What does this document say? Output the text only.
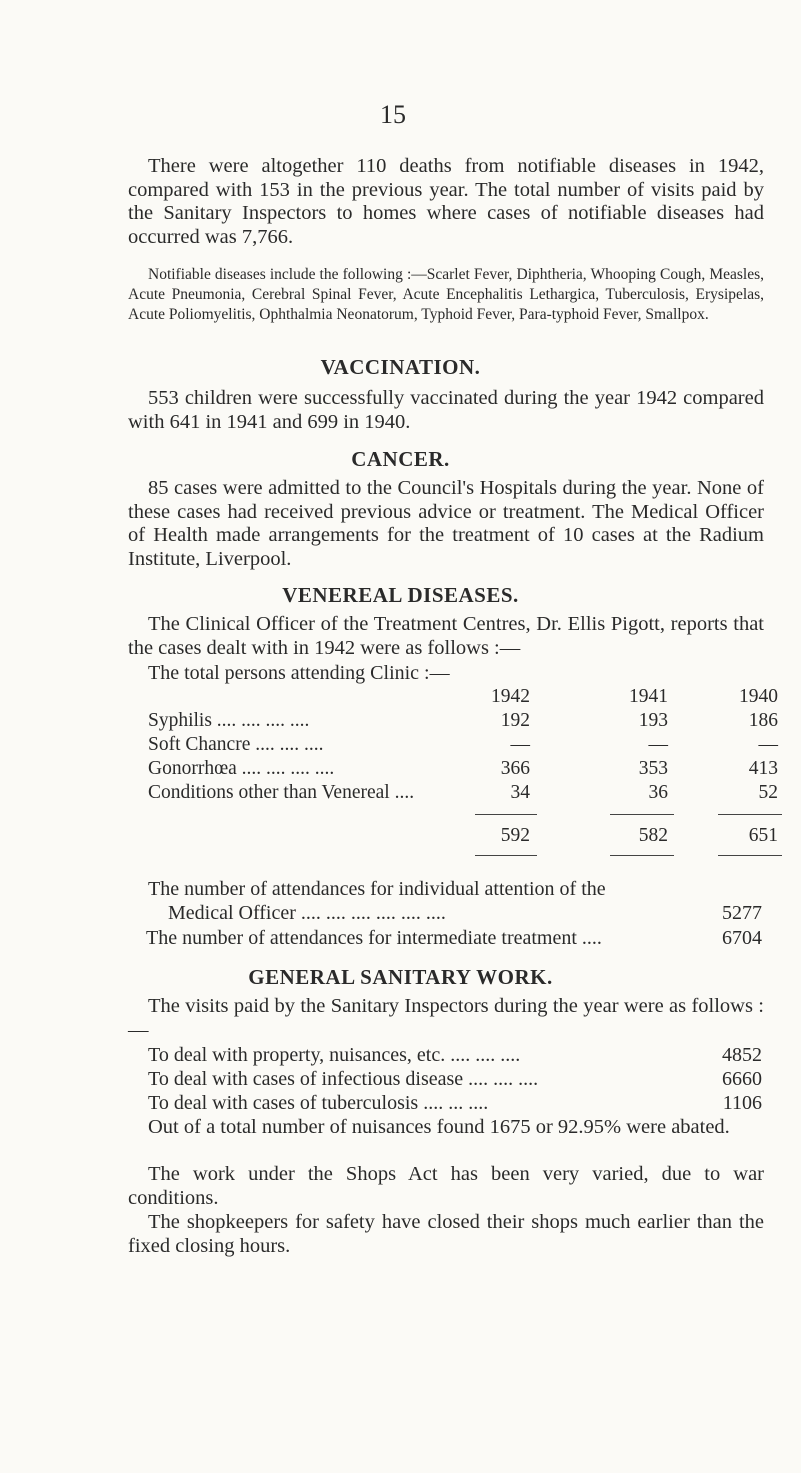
15

There were altogether 110 deaths from notifiable diseases in 1942, compared with 153 in the previous year. The total number of visits paid by the Sanitary Inspectors to homes where cases of notifiable diseases had occurred was 7,766.

Notifiable diseases include the following :—Scarlet Fever, Diphtheria, Whooping Cough, Measles, Acute Pneumonia, Cerebral Spinal Fever, Acute Encephalitis Lethargica, Tuberculosis, Erysipelas, Acute Poliomyelitis, Ophthalmia Neonatorum, Typhoid Fever, Para-typhoid Fever, Smallpox.

VACCINATION.

553 children were successfully vaccinated during the year 1942 compared with 641 in 1941 and 699 in 1940.

CANCER.

85 cases were admitted to the Council's Hospitals during the year. None of these cases had received previous advice or treatment. The Medical Officer of Health made arrangements for the treatment of 10 cases at the Radium Institute, Liverpool.

VENEREAL DISEASES.

The Clinical Officer of the Treatment Centres, Dr. Ellis Pigott, reports that the cases dealt with in 1942 were as follows :—

The total persons attending Clinic :—
1942	1941	1940
Syphilis .... .... .... ....	192	193	186
Soft Chancre .... .... ....	—	—	—
Gonorrhœa .... .... .... ....	366	353	413
Conditions other than Venereal ....	34	36	52
592	582	651
The number of attendances for individual attention of the
Medical Officer .... .... .... .... .... ....	5277
The number of attendances for intermediate treatment ....	6704
GENERAL SANITARY WORK.

The visits paid by the Sanitary Inspectors during the year were as follows :—

To deal with property, nuisances, etc. .... .... ....	4852
To deal with cases of infectious disease .... .... ....	6660
To deal with cases of tuberculosis .... ... ....	1106

Out of a total number of nuisances found 1675 or 92.95% were abated.

The work under the Shops Act has been very varied, due to war conditions.

The shopkeepers for safety have closed their shops much earlier than the fixed closing hours.
